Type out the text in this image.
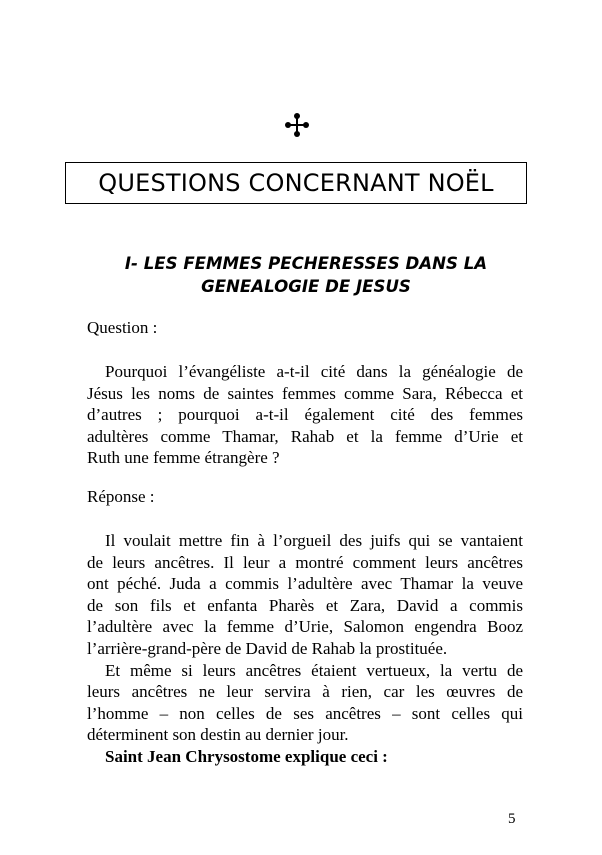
QUESTIONS CONCERNANT NOËL
I- LES FEMMES PECHERESSES DANS LA
GENEALOGIE DE JESUS
Question :
Pourquoi l’évangéliste a-t-il cité dans la généalogie de
Jésus les noms de saintes femmes comme Sara, Rébecca et
d’autres ; pourquoi a-t-il également cité des femmes
adultères comme Thamar, Rahab et la femme d’Urie et
Ruth une femme étrangère ?
Réponse :
Il voulait mettre fin à l’orgueil des juifs qui se vantaient
de leurs ancêtres. Il leur a montré comment leurs ancêtres
ont péché. Juda a commis l’adultère avec Thamar la veuve
de son fils et enfanta Pharès et Zara, David a commis
l’adultère avec la femme d’Urie, Salomon engendra Booz
l’arrière-grand-père de David de Rahab la prostituée.
Et même si leurs ancêtres étaient vertueux, la vertu de
leurs ancêtres ne leur servira à rien, car les œuvres de
l’homme – non celles de ses ancêtres – sont celles qui
déterminent son destin au dernier jour.
Saint Jean Chrysostome explique ceci :
5
